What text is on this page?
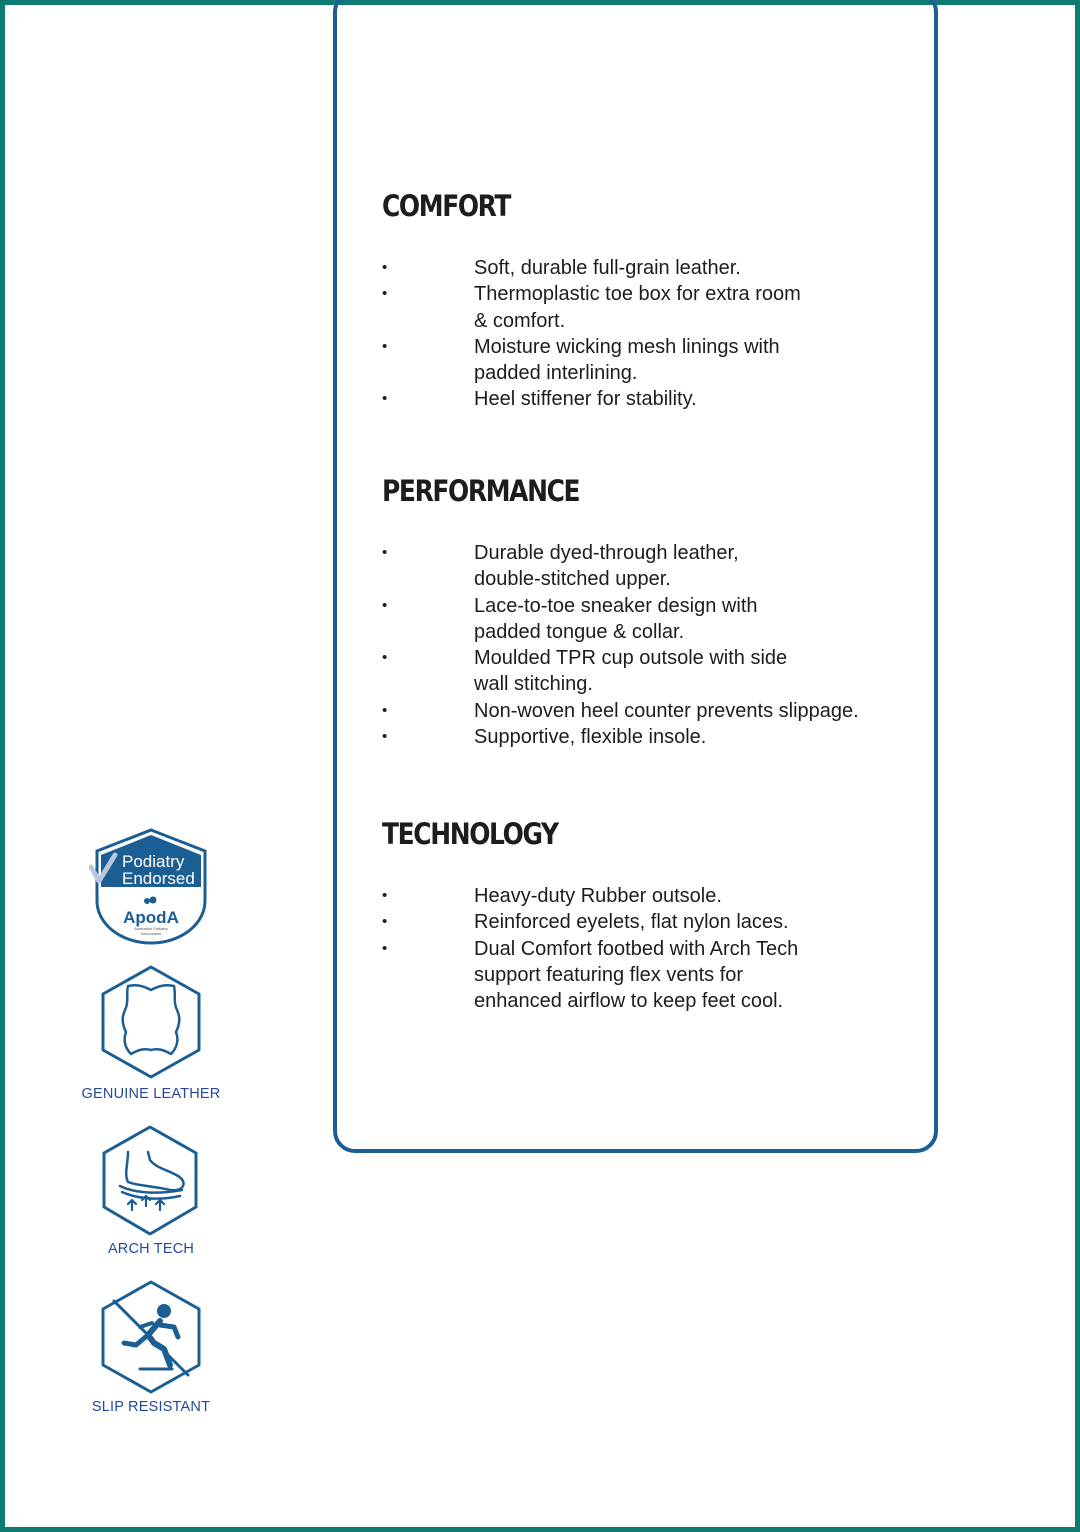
COMFORT
•	Soft, durable full-grain leather.
•	Thermoplastic toe box for extra room
& comfort.
•	Moisture wicking mesh linings with
padded interlining.
•	Heel stiffener for stability.
PERFORMANCE
•	Durable dyed-through leather,
double-stitched upper.
•	Lace-to-toe sneaker design with
padded tongue & collar.
•	Moulded TPR cup outsole with side
wall stitching.
•	Non-woven heel counter prevents slippage.
•	Supportive, flexible insole.
TECHNOLOGY
•	Heavy-duty Rubber outsole.
•	Reinforced eyelets, flat nylon laces.
•	Dual Comfort footbed with Arch Tech
support featuring flex vents for
enhanced airflow to keep feet cool.
Podiatry
Endorsed
ApodA
Australian Podiatry
Association
GENUINE LEATHER
ARCH TECH
SLIP RESISTANT
